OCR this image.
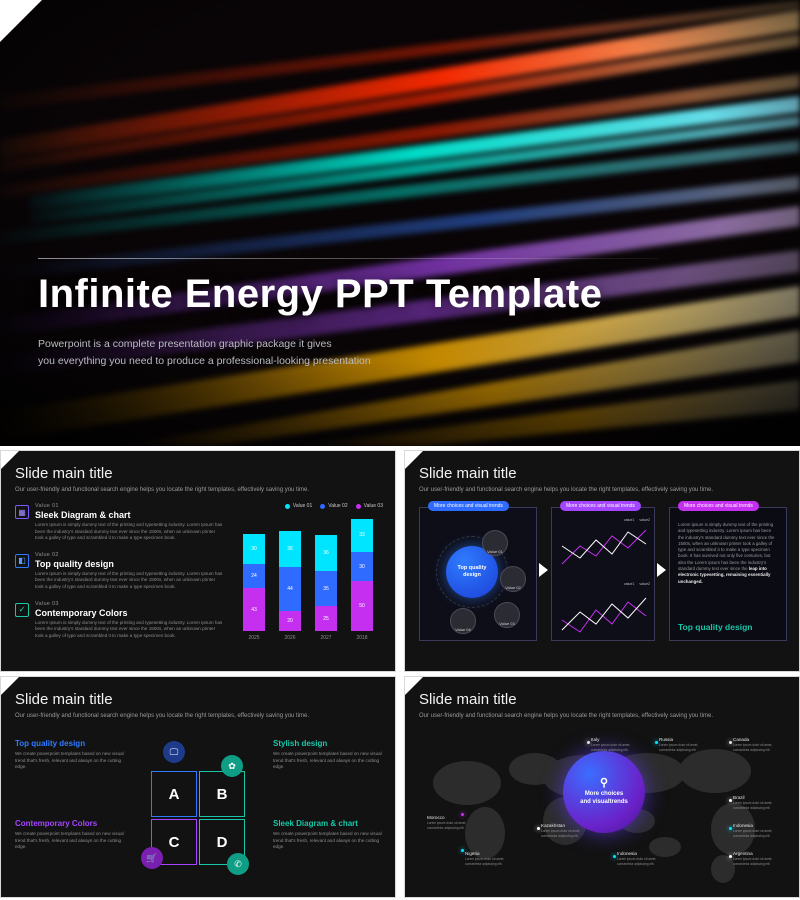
Infinite Energy PPT Template
Powerpoint is a complete presentation graphic package it gives
you everything you need to produce a professional-looking presentation
Slide main title
Our user-friendly and functional search engine helps you locate the right templates, effectively saving you time.
▦
Value 01
Sleek Diagram & chart
Lorem Ipsum is simply dummy text of the printing and typesetting industry. Lorem Ipsum has been the industry's standard dummy text ever since the 1500s, when an unknown printer took a galley of type and scrambled it to make a type specimen book.
◧
Value 02
Top quality design
Lorem Ipsum is simply dummy text of the printing and typesetting industry. Lorem Ipsum has been the industry's standard dummy text ever since the 1500s, when an unknown printer took a galley of type and scrambled it to make a type specimen book.
✓
Value 03
Contemporary Colors
Lorem Ipsum is simply dummy text of the printing and typesetting industry. Lorem Ipsum has been the industry's standard dummy text ever since the 1500s, when an unknown printer took a galley of type and scrambled it to make a type specimen book.
Value 01	Value 02	Value 03
30
24
43
36
44
20
36
35
25
33
30
50
2025	2026	2027	2018
Slide main title
Our user-friendly and functional search engine helps you locate the right templates, effectively saving you time.
More choices and visual trends
Top quality
design
Value 01
Value 02
Value 03
Value 04
More choices and visual trends
value1 value2
value1 value2
More choices and visual trends
Lorem ipsum is simply dummy text of the printing and typesetting industry. Lorem ipsum has been the industry's standard dummy text ever since the 1500s, when an unknown printer took a galley of type and scrambled it to make a type specimen book. It has survived not only five centuries, but also the Lorem ipsum has been the industry's standard dummy text ever since the leap into electronic typesetting, remaining essentially unchanged.
Top quality design
Slide main title
Our user-friendly and functional search engine helps you locate the right templates, effectively saving you time.
A	B
C	D
🖵
✿
🛒
✆
Top quality design
We create powerpoint templates based on new visual trend that's fresh, relevant and always on the cutting edge.
Contemporary Colors
We create powerpoint templates based on new visual trend that's fresh, relevant and always on the cutting edge.
Stylish design
We create powerpoint templates based on new visual trend that's fresh, relevant and always on the cutting edge.
Sleek Diagram & chart
We create powerpoint templates based on new visual trend that's fresh, relevant and always on the cutting edge.
Slide main title
Our user-friendly and functional search engine helps you locate the right templates, effectively saving you time.
⚲
More choices
and visualtrends
Italy
Lorem ipsum dolor sit amet, consectetur adipiscing elit.
Russia
Lorem ipsum dolor sit amet, consectetur adipiscing elit.
Canada
Lorem ipsum dolor sit amet, consectetur adipiscing elit.
Brazil
Lorem ipsum dolor sit amet, consectetur adipiscing elit.
Indonesia
Lorem ipsum dolor sit amet, consectetur adipiscing elit.
Argentina
Lorem ipsum dolor sit amet, consectetur adipiscing elit.
Morocco
Lorem ipsum dolor sit amet, consectetur adipiscing elit.
Nigeria
Lorem ipsum dolor sit amet, consectetur adipiscing elit.
Kazakhstan
Lorem ipsum dolor sit amet, consectetur adipiscing elit.
Indonesia
Lorem ipsum dolor sit amet, consectetur adipiscing elit.
